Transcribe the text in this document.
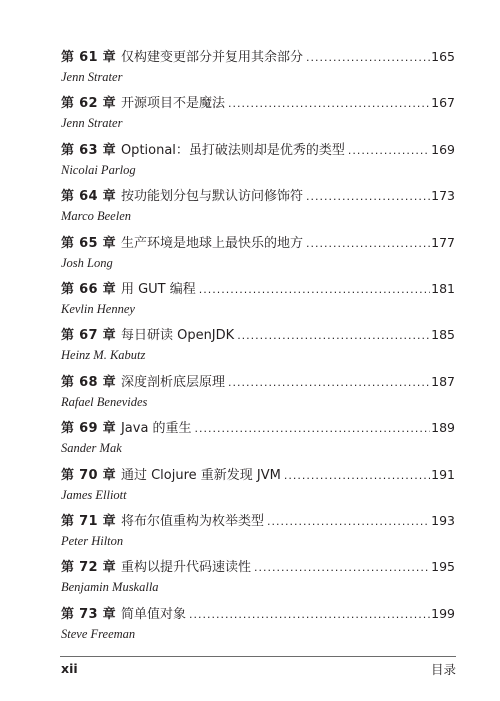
第 61 章 仅构建变更部分并复用其余部分 .....	165
Jenn Strater
第 62 章 开源项目不是魔法 .....	167
Jenn Strater
第 63 章 Optional：虽打破法则却是优秀的类型 .....	169
Nicolai Parlog
第 64 章 按功能划分包与默认访问修饰符 .....	173
Marco Beelen
第 65 章 生产环境是地球上最快乐的地方 .....	177
Josh Long
第 66 章 用 GUT 编程 .....	181
Kevlin Henney
第 67 章 每日研读 OpenJDK .....	185
Heinz M. Kabutz
第 68 章 深度剖析底层原理 .....	187
Rafael Benevides
第 69 章 Java 的重生 .....	189
Sander Mak
第 70 章 通过 Clojure 重新发现 JVM .....	191
James Elliott
第 71 章 将布尔值重构为枚举类型 .....	193
Peter Hilton
第 72 章 重构以提升代码速读性 .....	195
Benjamin Muskalla
第 73 章 简单值对象 .....	199
Steve Freeman
xii	目录
